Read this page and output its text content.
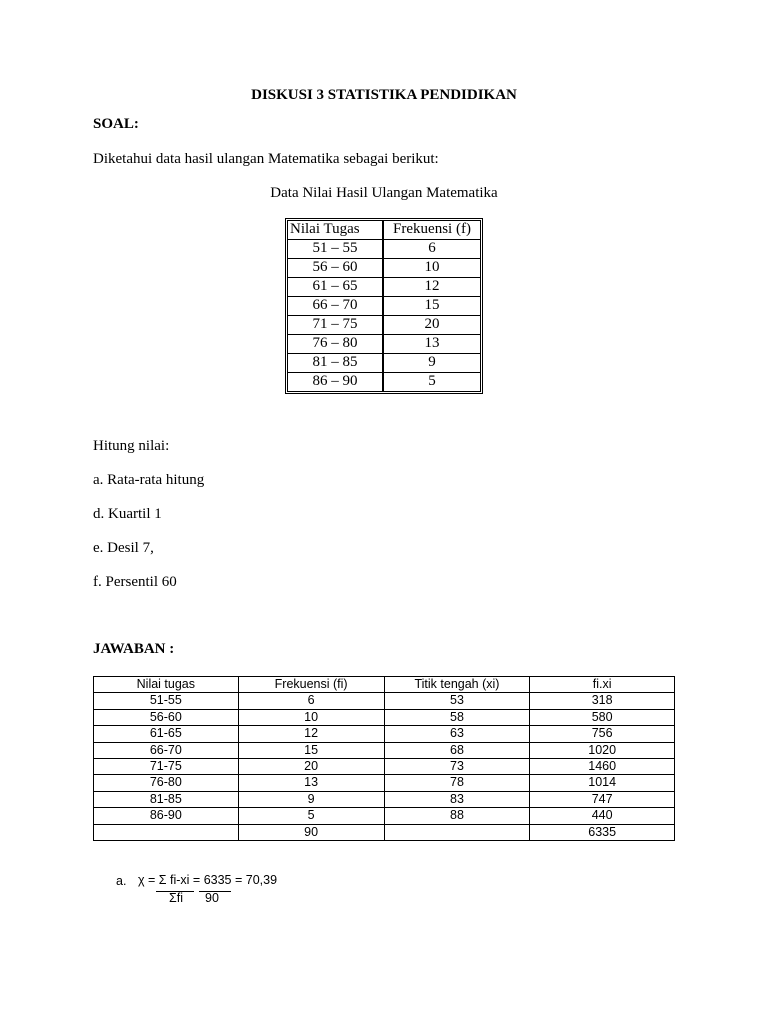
DISKUSI 3 STATISTIKA PENDIDIKAN
SOAL:
Diketahui data hasil ulangan Matematika sebagai berikut:
Data Nilai Hasil Ulangan Matematika
Nilai Tugas	Frekuensi (f)
51 – 55	6
56 – 60	10
61 – 65	12
66 – 70	15
71 – 75	20
76 – 80	13
81 – 85	9
86 – 90	5
Hitung nilai:
a. Rata-rata hitung
d. Kuartil 1
e. Desil 7,
f. Persentil 60
JAWABAN :
Nilai tugas	Frekuensi (fi)	Titik tengah (xi)	fi.xi
51-55	6	53	318
56-60	10	58	580
61-65	12	63	756
66-70	15	68	1020
71-75	20	73	1460
76-80	13	78	1014
81-85	9	83	747
86-90	5	88	440
	90		6335
a. χ = Σ fi-xi = 6335 = 70,39
Σfi 90
